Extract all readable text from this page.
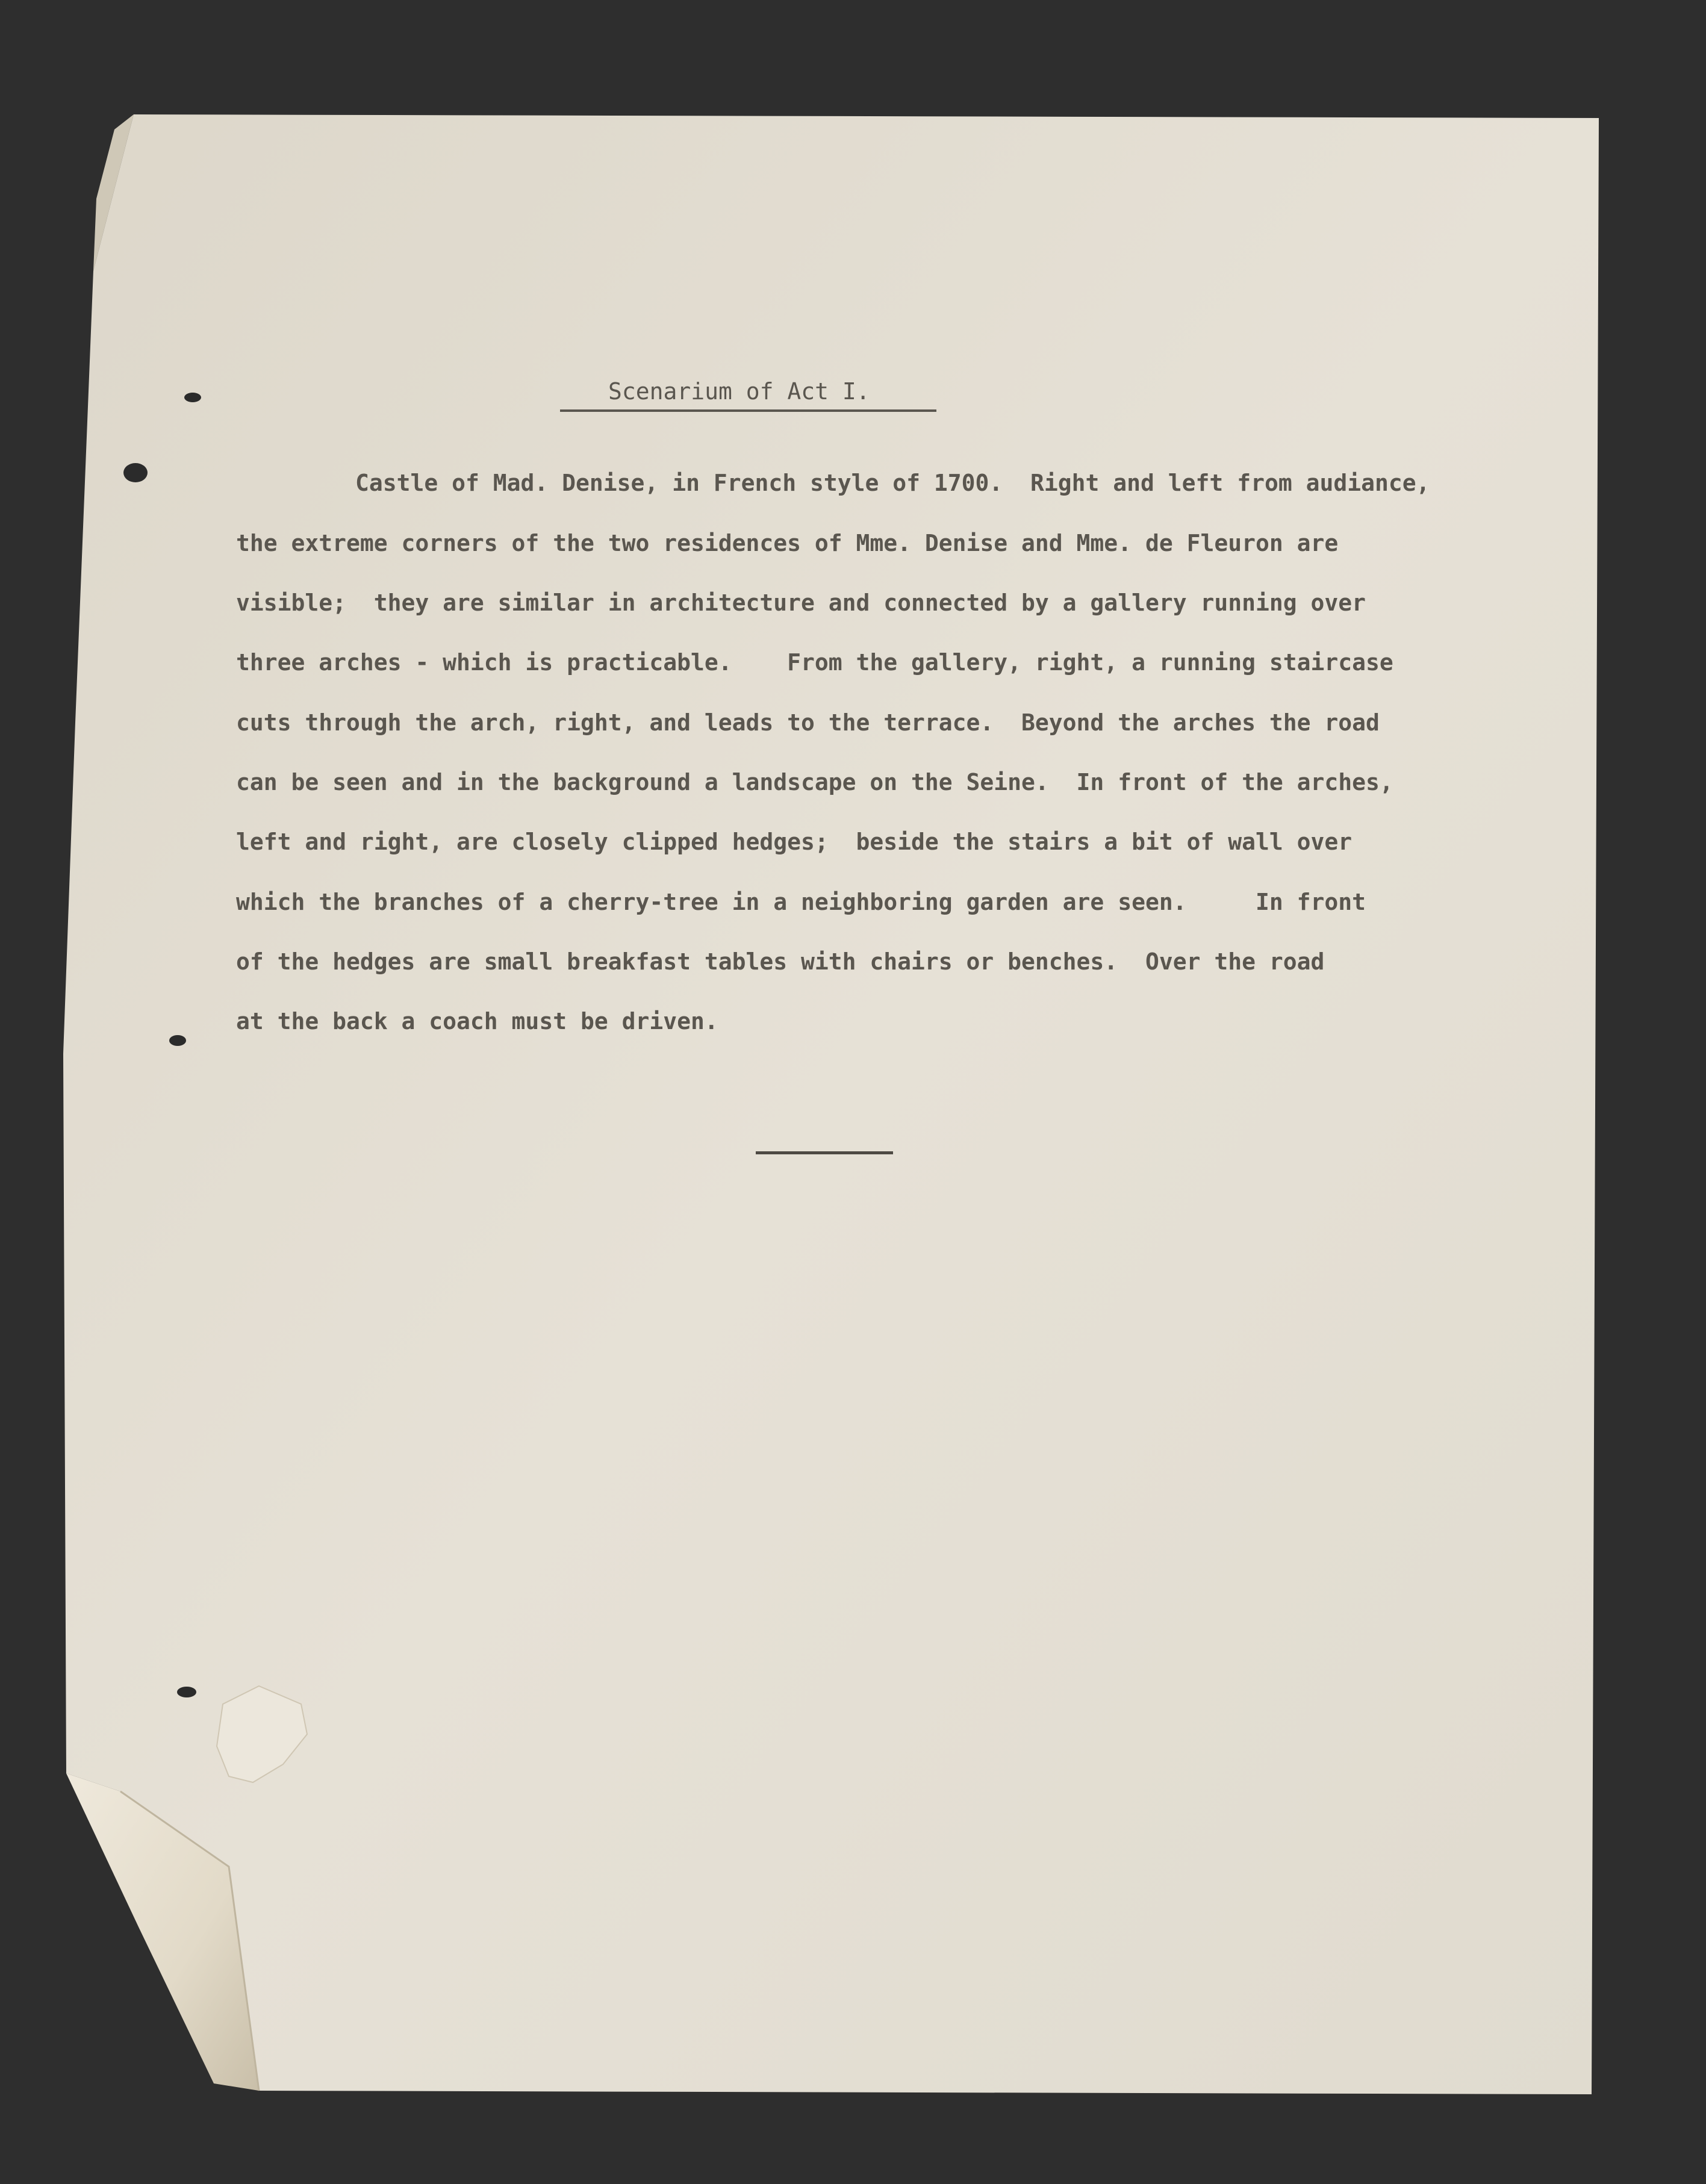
Scenarium of Act I.
Castle of Mad. Denise, in French style of 1700.  Right and left from audiance,
the extreme corners of the two residences of Mme. Denise and Mme. de Fleuron are
visible;  they are similar in architecture and connected by a gallery running over
three arches - which is practicable.    From the gallery, right, a running staircase
cuts through the arch, right, and leads to the terrace.  Beyond the arches the road
can be seen and in the background a landscape on the Seine.  In front of the arches,
left and right, are closely clipped hedges;  beside the stairs a bit of wall over
which the branches of a cherry-tree in a neighboring garden are seen.     In front
of the hedges are small breakfast tables with chairs or benches.  Over the road
at the back a coach must be driven.
